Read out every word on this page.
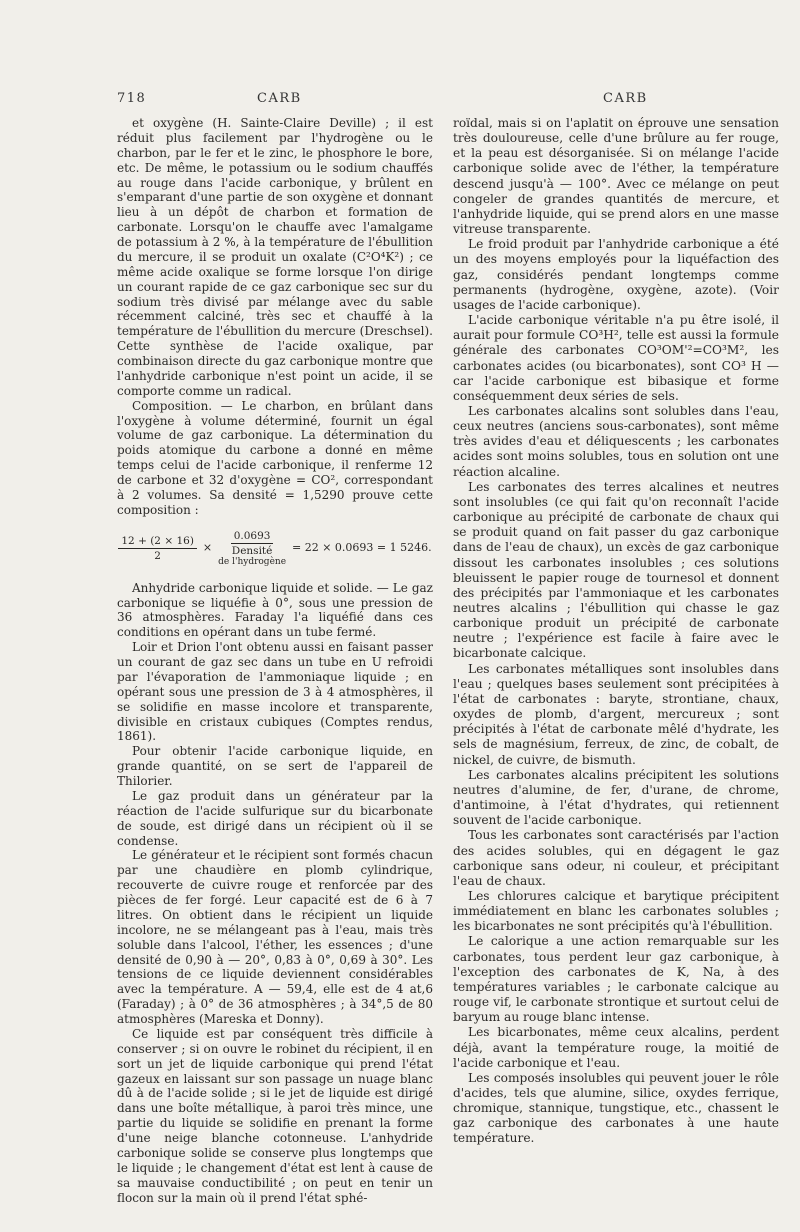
718	CARB	CARB

et oxygène (H. Sainte-Claire Deville) ; il est réduit plus facilement par l'hydrogène ou le charbon, par le fer et le zinc, le phosphore le bore, etc. De même, le potassium ou le sodium chauffés au rouge dans l'acide carbonique, y brûlent en s'emparant d'une partie de son oxygène et donnant lieu à un dépôt de charbon et formation de carbonate. Lorsqu'on le chauffe avec l'amalgame de potassium à 2 %, à la température de l'ébullition du mercure, il se produit un oxalate (C²O⁴K²) ; ce même acide oxalique se forme lorsque l'on dirige un courant rapide de ce gaz carbonique sec sur du sodium très divisé par mélange avec du sable récemment calciné, très sec et chauffé à la température de l'ébullition du mercure (Dreschsel). Cette synthèse de l'acide oxalique, par combinaison directe du gaz carbonique montre que l'anhydride carbonique n'est point un acide, il se comporte comme un radical.

Composition. — Le charbon, en brûlant dans l'oxygène à volume déterminé, fournit un égal volume de gaz carbonique. La détermination du poids atomique du carbone a donné en même temps celui de l'acide carbonique, il renferme 12 de carbone et 32 d'oxygène = CO², correspondant à 2 volumes. Sa densité = 1,5290 prouve cette composition :

$\frac{12 + (2 \times 16)}{2}$ ×
0.0693
Densité
de l'hydrogène
= 22 × 0.0693 = 1 5246.

Anhydride carbonique liquide et solide. — Le gaz carbonique se liquéfie à 0°, sous une pression de 36 atmosphères. Faraday l'a liquéfié dans ces conditions en opérant dans un tube fermé.

Loir et Drion l'ont obtenu aussi en faisant passer un courant de gaz sec dans un tube en U refroidi par l'évaporation de l'ammoniaque liquide ; en opérant sous une pression de 3 à 4 atmosphères, il se solidifie en masse incolore et transparente, divisible en cristaux cubiques (Comptes rendus, 1861).

Pour obtenir l'acide carbonique liquide, en grande quantité, on se sert de l'appareil de Thilorier.

Le gaz produit dans un générateur par la réaction de l'acide sulfurique sur du bicarbonate de soude, est dirigé dans un récipient où il se condense.

Le générateur et le récipient sont formés chacun par une chaudière en plomb cylindrique, recouverte de cuivre rouge et renforcée par des pièces de fer forgé. Leur capacité est de 6 à 7 litres. On obtient dans le récipient un liquide incolore, ne se mélangeant pas à l'eau, mais très soluble dans l'alcool, l'éther, les essences ; d'une densité de 0,90 à — 20°, 0,83 à 0°, 0,69 à 30°. Les tensions de ce liquide deviennent considérables avec la température. A — 59,4, elle est de 4 at,6 (Faraday) ; à 0° de 36 atmosphères ; à 34°,5 de 80 atmosphères (Mareska et Donny).

Ce liquide est par conséquent très difficile à conserver ; si on ouvre le robinet du récipient, il en sort un jet de liquide carbonique qui prend l'état gazeux en laissant sur son passage un nuage blanc dû à de l'acide solide ; si le jet de liquide est dirigé dans une boîte métallique, à paroi très mince, une partie du liquide se solidifie en prenant la forme d'une neige blanche cotonneuse. L'anhydride carbonique solide se conserve plus longtemps que le liquide ; le changement d'état est lent à cause de sa mauvaise conductibilité ; on peut en tenir un flocon sur la main où il prend l'état sphé-

roïdal, mais si on l'aplatit on éprouve une sensation très douloureuse, celle d'une brûlure au fer rouge, et la peau est désorganisée. Si on mélange l'acide carbonique solide avec de l'éther, la température descend jusqu'à — 100°. Avec ce mélange on peut congeler de grandes quantités de mercure, et l'anhydride liquide, qui se prend alors en une masse vitreuse transparente.

Le froid produit par l'anhydride carbonique a été un des moyens employés pour la liquéfaction des gaz, considérés pendant longtemps comme permanents (hydrogène, oxygène, azote). (Voir usages de l'acide carbonique).

L'acide carbonique véritable n'a pu être isolé, il aurait pour formule CO³H², telle est aussi la formule générale des carbonates CO³OM'²=CO³M², les carbonates acides (ou bicarbonates), sont CO³ H — car l'acide carbonique est bibasique et forme conséquemment deux séries de sels.

Les carbonates alcalins sont solubles dans l'eau, ceux neutres (anciens sous-carbonates), sont même très avides d'eau et déliquescents ; les carbonates acides sont moins solubles, tous en solution ont une réaction alcaline.

Les carbonates des terres alcalines et neutres sont insolubles (ce qui fait qu'on reconnaît l'acide carbonique au précipité de carbonate de chaux qui se produit quand on fait passer du gaz carbonique dans de l'eau de chaux), un excès de gaz carbonique dissout les carbonates insolubles ; ces solutions bleuissent le papier rouge de tournesol et donnent des précipités par l'ammoniaque et les carbonates neutres alcalins ; l'ébullition qui chasse le gaz carbonique produit un précipité de carbonate neutre ; l'expérience est facile à faire avec le bicarbonate calcique.

Les carbonates métalliques sont insolubles dans l'eau ; quelques bases seulement sont précipitées à l'état de carbonates : baryte, strontiane, chaux, oxydes de plomb, d'argent, mercureux ; sont précipités à l'état de carbonate mêlé d'hydrate, les sels de magnésium, ferreux, de zinc, de cobalt, de nickel, de cuivre, de bismuth.

Les carbonates alcalins précipitent les solutions neutres d'alumine, de fer, d'urane, de chrome, d'antimoine, à l'état d'hydrates, qui retiennent souvent de l'acide carbonique.

Tous les carbonates sont caractérisés par l'action des acides solubles, qui en dégagent le gaz carbonique sans odeur, ni couleur, et précipitant l'eau de chaux.

Les chlorures calcique et barytique précipitent immédiatement en blanc les carbonates solubles ; les bicarbonates ne sont précipités qu'à l'ébullition.

Le calorique a une action remarquable sur les carbonates, tous perdent leur gaz carbonique, à l'exception des carbonates de K, Na, à des températures variables ; le carbonate calcique au rouge vif, le carbonate strontique et surtout celui de baryum au rouge blanc intense.

Les bicarbonates, même ceux alcalins, perdent déjà, avant la température rouge, la moitié de l'acide carbonique et l'eau.

Les composés insolubles qui peuvent jouer le rôle d'acides, tels que alumine, silice, oxydes ferrique, chromique, stannique, tungstique, etc., chassent le gaz carbonique des carbonates à une haute température.
